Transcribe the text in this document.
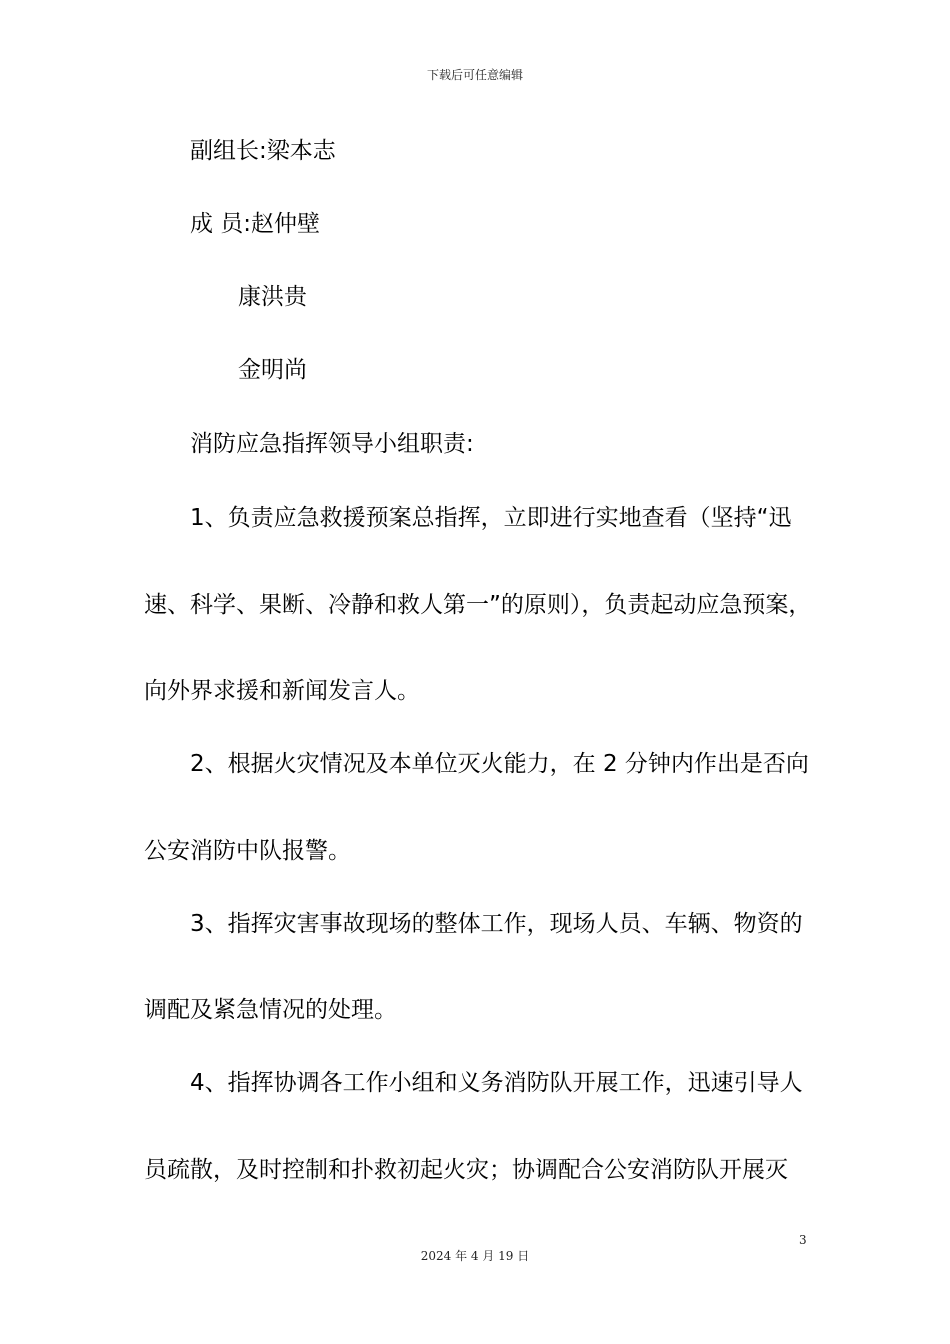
下载后可任意编辑
副组长:梁本志
成 员:赵仲壁
康洪贵
金明尚
消防应急指挥领导小组职责:
1、负责应急救援预案总指挥，立即进行实地查看（坚持“迅
速、科学、果断、冷静和救人第一”的原则），负责起动应急预案，
向外界求援和新闻发言人。
2、根据火灾情况及本单位灭火能力，在 2 分钟内作出是否向
公安消防中队报警。
3、指挥灾害事故现场的整体工作，现场人员、车辆、物资的
调配及紧急情况的处理。
4、指挥协调各工作小组和义务消防队开展工作，迅速引导人
员疏散，及时控制和扑救初起火灾；协调配合公安消防队开展灭
3
2024 年 4 月 19 日
